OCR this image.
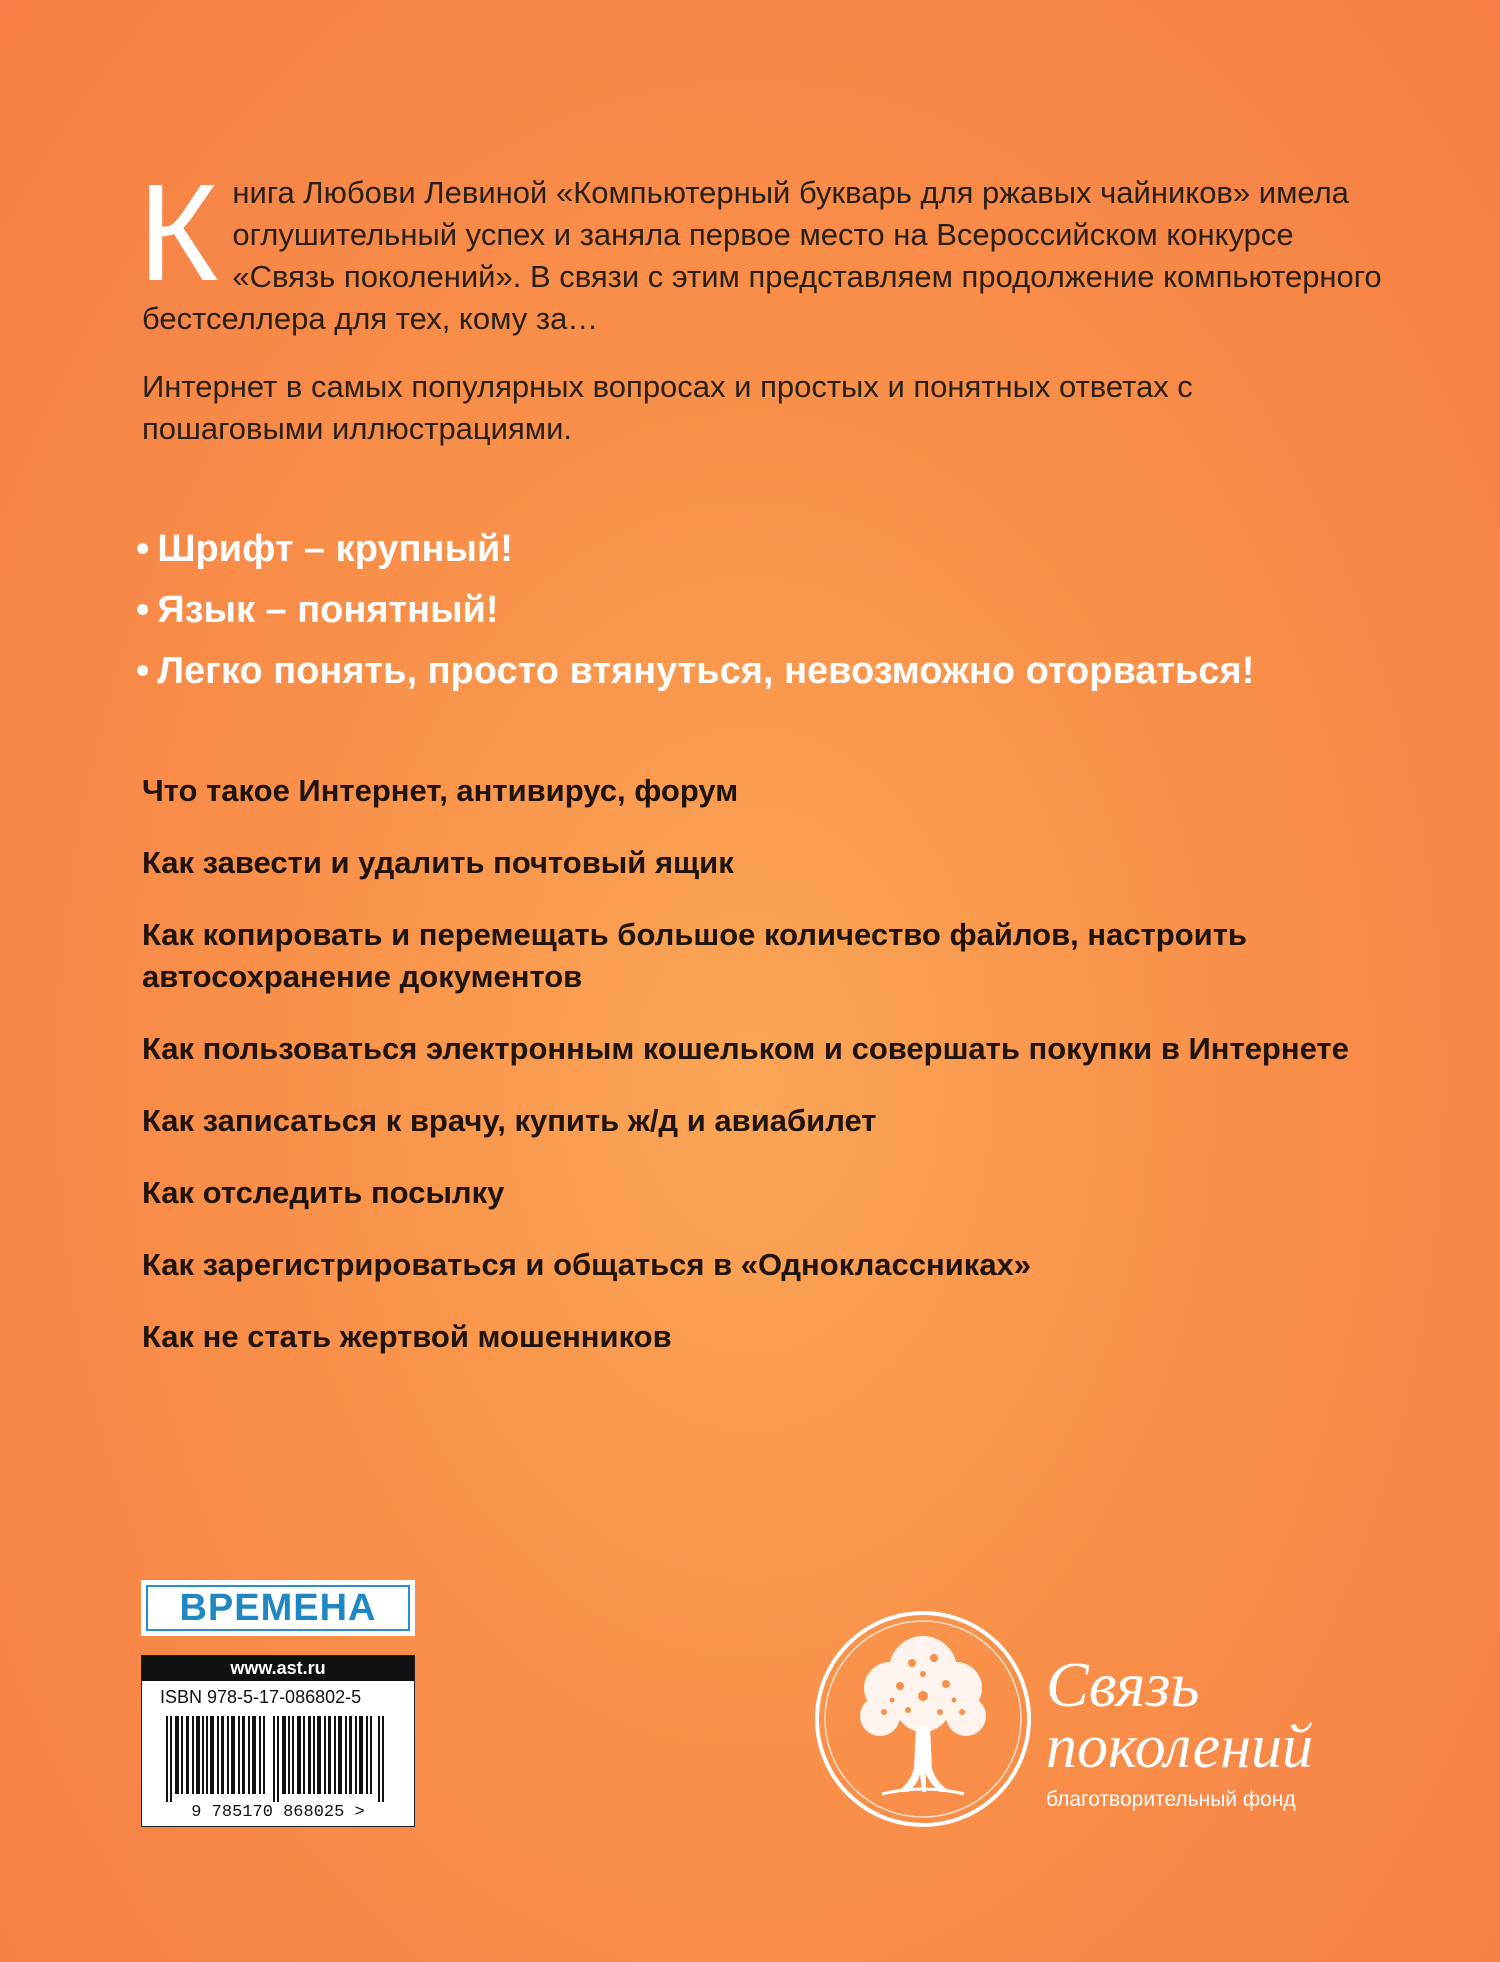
К нига Любови Левиной «Компьютерный букварь для ржавых чайников» имела оглушительный успех и заняла первое место на Всероссийском конкурсе «Связь поколений». В связи с этим представляем продолжение компьютерного бестселлера для тех, кому за…
Интернет в самых популярных вопросах и простых и понятных ответах с пошаговыми иллюстрациями.
• Шрифт – крупный!
• Язык – понятный!
• Легко понять, просто втянуться, невозможно оторваться!
Что такое Интернет, антивирус, форум
Как завести и удалить почтовый ящик
Как копировать и перемещать большое количество файлов, настроить автосохранение документов
Как пользоваться электронным кошельком и совершать покупки в Интернете
Как записаться к врачу, купить ж/д и авиабилет
Как отследить посылку
Как зарегистрироваться и общаться в «Одноклассниках»
Как не стать жертвой мошенников
ВРЕМЕНА
www.ast.ru
ISBN 978-5-17-086802-5
9 785170 868025 >
Связь
поколений
благотворительный фонд
